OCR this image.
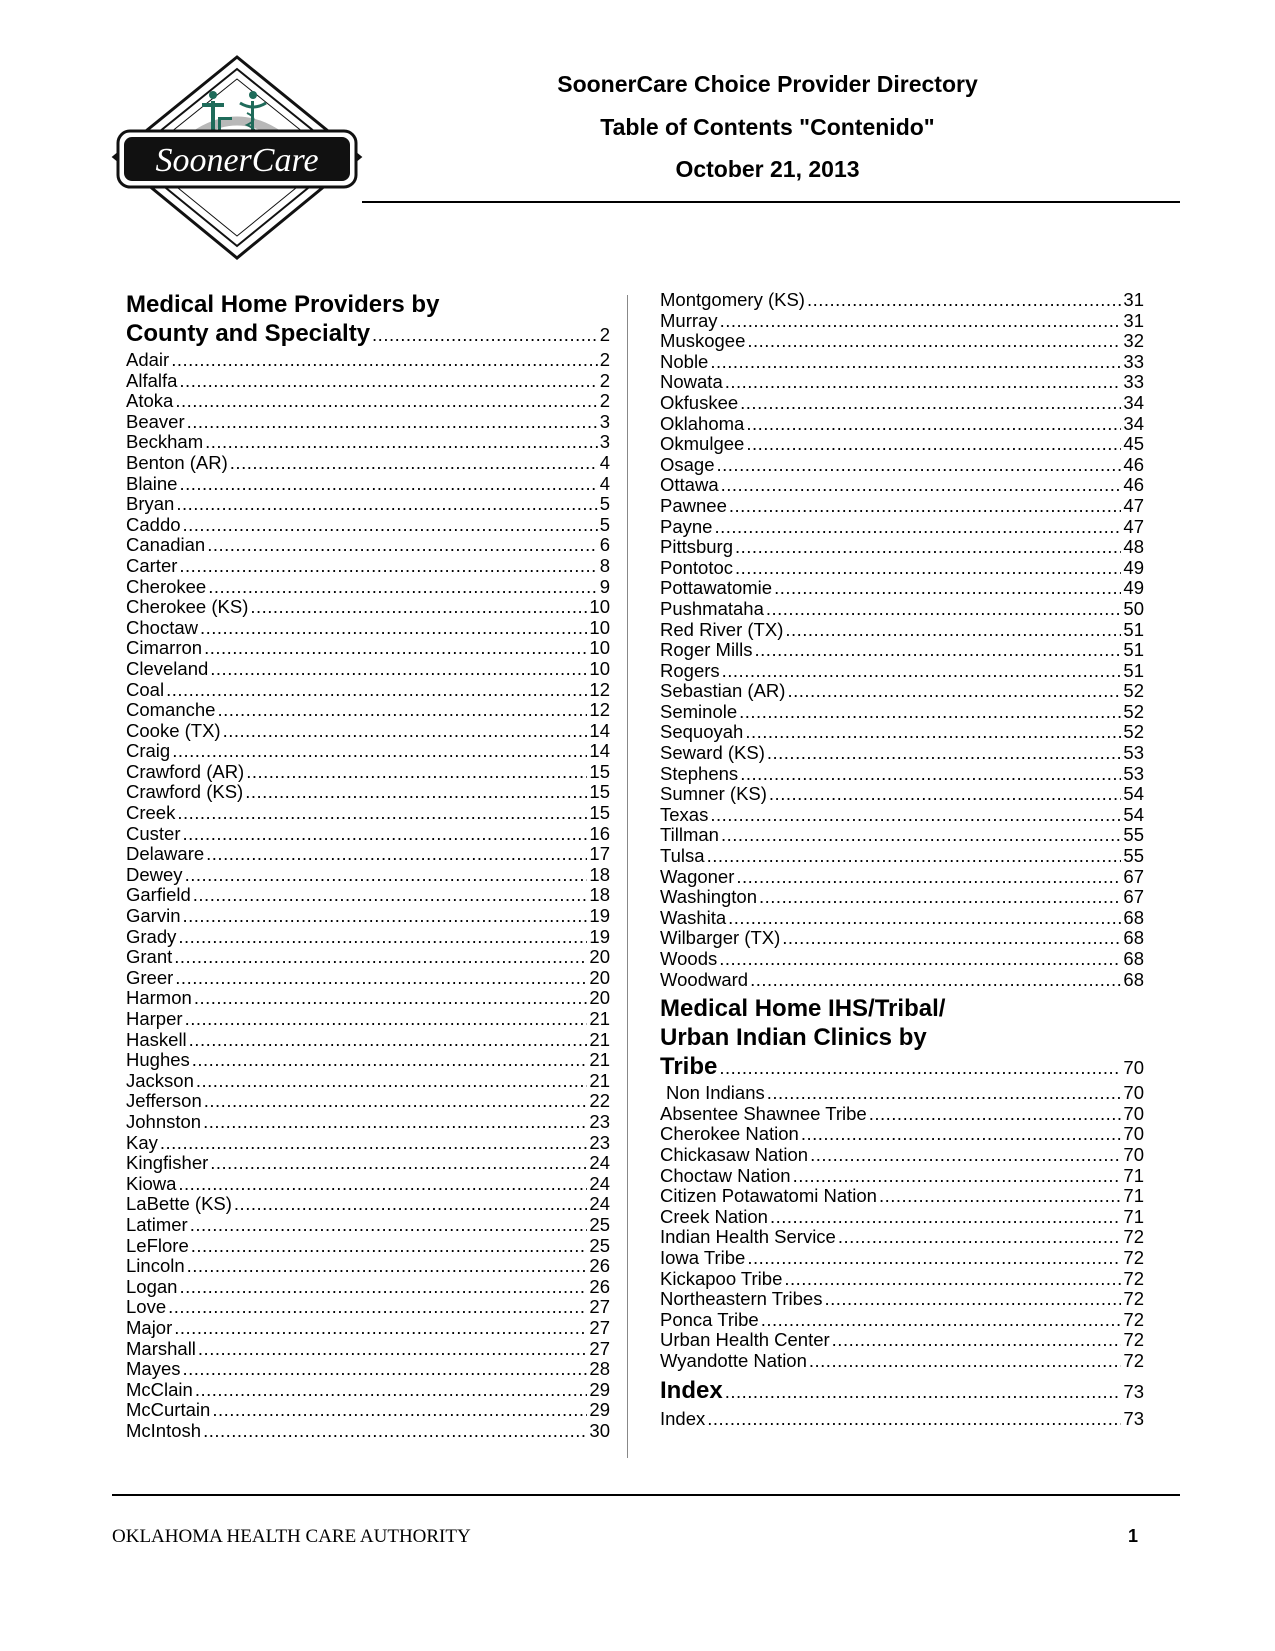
SoonerCare
SoonerCare Choice Provider Directory
Table of Contents "Contenido"
October 21, 2013
Medical Home Providers by
County and Specialty .....	2
Adair .....	2
Alfalfa .....	2
Atoka .....	2
Beaver .....	3
Beckham .....	3
Benton (AR) .....	4
Blaine .....	4
Bryan .....	5
Caddo .....	5
Canadian .....	6
Carter .....	8
Cherokee .....	9
Cherokee (KS) .....	10
Choctaw .....	10
Cimarron .....	10
Cleveland .....	10
Coal .....	12
Comanche .....	12
Cooke (TX) .....	14
Craig .....	14
Crawford (AR) .....	15
Crawford (KS) .....	15
Creek .....	15
Custer .....	16
Delaware .....	17
Dewey .....	18
Garfield .....	18
Garvin .....	19
Grady .....	19
Grant .....	20
Greer .....	20
Harmon .....	20
Harper .....	21
Haskell .....	21
Hughes .....	21
Jackson .....	21
Jefferson .....	22
Johnston .....	23
Kay .....	23
Kingfisher .....	24
Kiowa .....	24
LaBette (KS) .....	24
Latimer .....	25
LeFlore .....	25
Lincoln .....	26
Logan .....	26
Love .....	27
Major .....	27
Marshall .....	27
Mayes .....	28
McClain .....	29
McCurtain .....	29
McIntosh .....	30
Montgomery (KS) .....	31
Murray .....	31
Muskogee .....	32
Noble .....	33
Nowata .....	33
Okfuskee .....	34
Oklahoma .....	34
Okmulgee .....	45
Osage .....	46
Ottawa .....	46
Pawnee .....	47
Payne .....	47
Pittsburg .....	48
Pontotoc .....	49
Pottawatomie .....	49
Pushmataha .....	50
Red River (TX) .....	51
Roger Mills .....	51
Rogers .....	51
Sebastian (AR) .....	52
Seminole .....	52
Sequoyah .....	52
Seward (KS) .....	53
Stephens .....	53
Sumner (KS) .....	54
Texas .....	54
Tillman .....	55
Tulsa .....	55
Wagoner .....	67
Washington .....	67
Washita .....	68
Wilbarger (TX) .....	68
Woods .....	68
Woodward .....	68
Medical Home IHS/Tribal/
Urban Indian Clinics by
Tribe .....	70
Non Indians .....	70
Absentee Shawnee Tribe .....	70
Cherokee Nation .....	70
Chickasaw Nation .....	70
Choctaw Nation .....	71
Citizen Potawatomi Nation .....	71
Creek Nation .....	71
Indian Health Service .....	72
Iowa Tribe .....	72
Kickapoo Tribe .....	72
Northeastern Tribes .....	72
Ponca Tribe .....	72
Urban Health Center .....	72
Wyandotte Nation .....	72
Index .....	73
Index .....	73
OKLAHOMA HEALTH CARE AUTHORITY	1
